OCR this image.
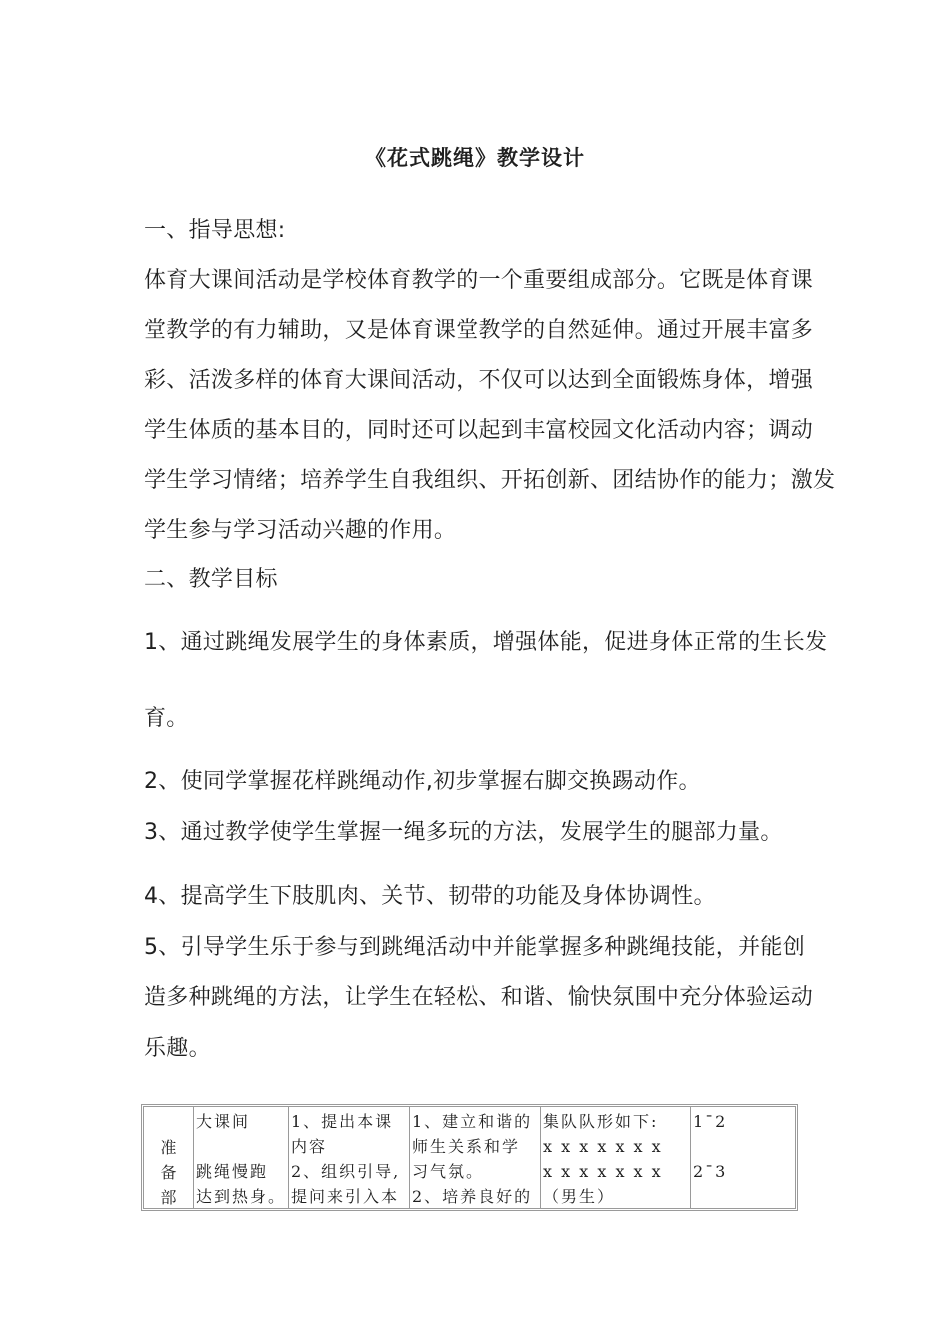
《花式跳绳》教学设计
一、指导思想:
体育大课间活动是学校体育教学的一个重要组成部分。它既是体育课
堂教学的有力辅助，又是体育课堂教学的自然延伸。通过开展丰富多
彩、活泼多样的体育大课间活动，不仅可以达到全面锻炼身体，增强
学生体质的基本目的，同时还可以起到丰富校园文化活动内容；调动
学生学习情绪；培养学生自我组织、开拓创新、团结协作的能力；激发
学生参与学习活动兴趣的作用。
二、教学目标
1、通过跳绳发展学生的身体素质，增强体能，促进身体正常的生长发
育。
2、使同学掌握花样跳绳动作,初步掌握右脚交换踢动作。
3、通过教学使学生掌握一绳多玩的方法，发展学生的腿部力量。
4、提高学生下肢肌肉、关节、韧带的功能及身体协调性。
5、引导学生乐于参与到跳绳活动中并能掌握多种跳绳技能，并能创
造多种跳绳的方法，让学生在轻松、和谐、愉快氛围中充分体验运动
乐趣。
准
备
部
大课间
跳绳慢跑
达到热身。
1、提出本课
内容
2、组织引导,
提问来引入本
1、建立和谐的
师生关系和学
习气氛。
2、培养良好的
集队队形如下:
x x x x x x x
x x x x x x x
（男生）
1¯2
2¯3
